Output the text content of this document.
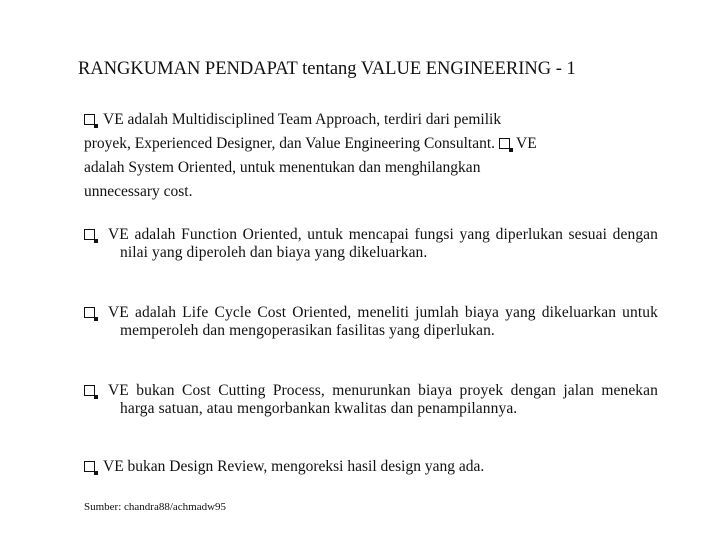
RANGKUMAN PENDAPAT tentang VALUE ENGINEERING - 1
VE adalah Multidisciplined Team Approach, terdiri dari pemilik
proyek, Experienced Designer, dan Value Engineering Consultant. VE
adalah System Oriented, untuk menentukan dan menghilangkan
unnecessary cost.
VE adalah Function Oriented, untuk mencapai fungsi yang diperlukan sesuai dengan nilai yang diperoleh dan biaya yang dikeluarkan.
VE adalah Life Cycle Cost Oriented, meneliti jumlah biaya yang dikeluarkan untuk memperoleh dan mengoperasikan fasilitas yang diperlukan.
VE bukan Cost Cutting Process, menurunkan biaya proyek dengan jalan menekan harga satuan, atau mengorbankan kwalitas dan penampilannya.
VE bukan Design Review, mengoreksi hasil design yang ada.
Sumber: chandra88/achmadw95
